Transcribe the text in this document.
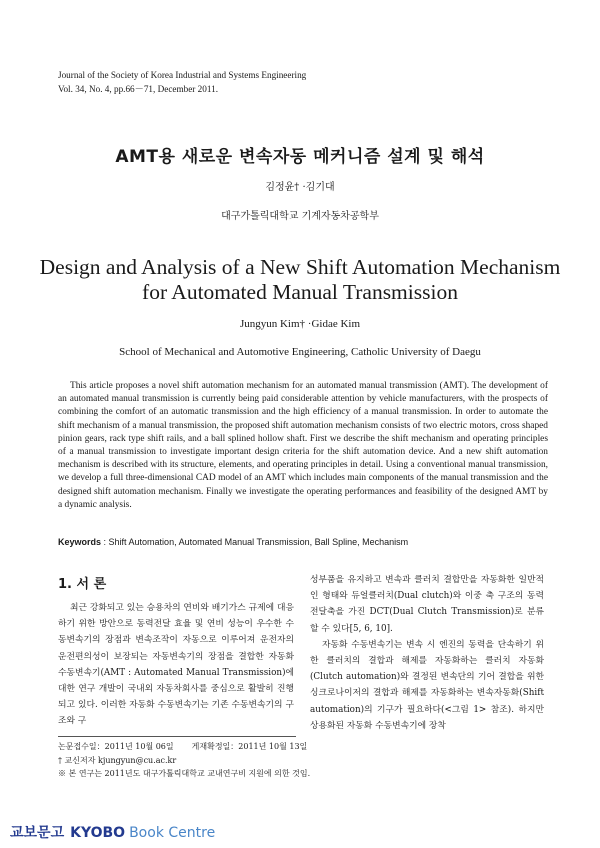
Journal of the Society of Korea Industrial and Systems Engineering
Vol. 34, No. 4, pp.66－71, December 2011.
AMT용 새로운 변속자동 메커니즘 설계 및 해석
김정윤† ·김기대
대구가톨릭대학교 기계자동차공학부
Design and Analysis of a New Shift Automation Mechanism
for Automated Manual Transmission
Jungyun Kim† ·Gidae Kim
School of Mechanical and Automotive Engineering, Catholic University of Daegu
This article proposes a novel shift automation mechanism for an automated manual transmission (AMT). The development of an automated manual transmission is currently being paid considerable attention by vehicle manufacturers, with the prospects of combining the comfort of an automatic transmission and the high efficiency of a manual transmission. In order to automate the shift mechanism of a manual transmission, the proposed shift automation mechanism consists of two electric motors, cross shaped pinion gears, rack type shift rails, and a ball splined hollow shaft. First we describe the shift mechanism and operating principles of a manual transmission to investigate important design criteria for the shift automation device. And a new shift automation mechanism is described with its structure, elements, and operating principles in detail. Using a conventional manual transmission, we develop a full three-dimensional CAD model of an AMT which includes main components of the manual transmission and the designed shift automation mechanism. Finally we investigate the operating performances and feasibility of the designed AMT by a dynamic analysis.
Keywords : Shift Automation, Automated Manual Transmission, Ball Spline, Mechanism
1. 서 론

최근 강화되고 있는 승용차의 연비와 배기가스 규제에 대응하기 위한 방안으로 동력전달 효율 및 연비 성능이 우수한 수동변속기의 장점과 변속조작이 자동으로 이루어져 운전자의 운전편의성이 보장되는 자동변속기의 장점을 결합한 자동화 수동변속기(AMT : Automated Manual Transmission)에 대한 연구 개발이 국내외 자동차회사를 중심으로 활발히 진행되고 있다. 이러한 자동화 수동변속기는 기존 수동변속기의 구조와 구

성부품을 유지하고 변속과 클러치 결합만을 자동화한 일반적인 형태와 듀얼클러치(Dual clutch)와 이중 축 구조의 동력전달축을 가진 DCT(Dual Clutch Transmission)로 분류할 수 있다[5, 6, 10].

자동화 수동변속기는 변속 시 엔진의 동력을 단속하기 위한 클러치의 결합과 해제를 자동화하는 클러치 자동화(Clutch automation)와 결정된 변속단의 기어 결합을 위한 싱크로나이저의 결합과 해제를 자동화하는 변속자동화(Shift automation)의 기구가 필요하다(<그림 1> 참조). 하지만 상용화된 자동화 수동변속기에 장착

논문접수일：2011년 10월 06일 게재확정일：2011년 10월 13일
† 교신저자 kjungyun@cu.ac.kr
※ 본 연구는 2011년도 대구가톨릭대학교 교내연구비 지원에 의한 것임.
교보문고 KYOBO Book Centre
